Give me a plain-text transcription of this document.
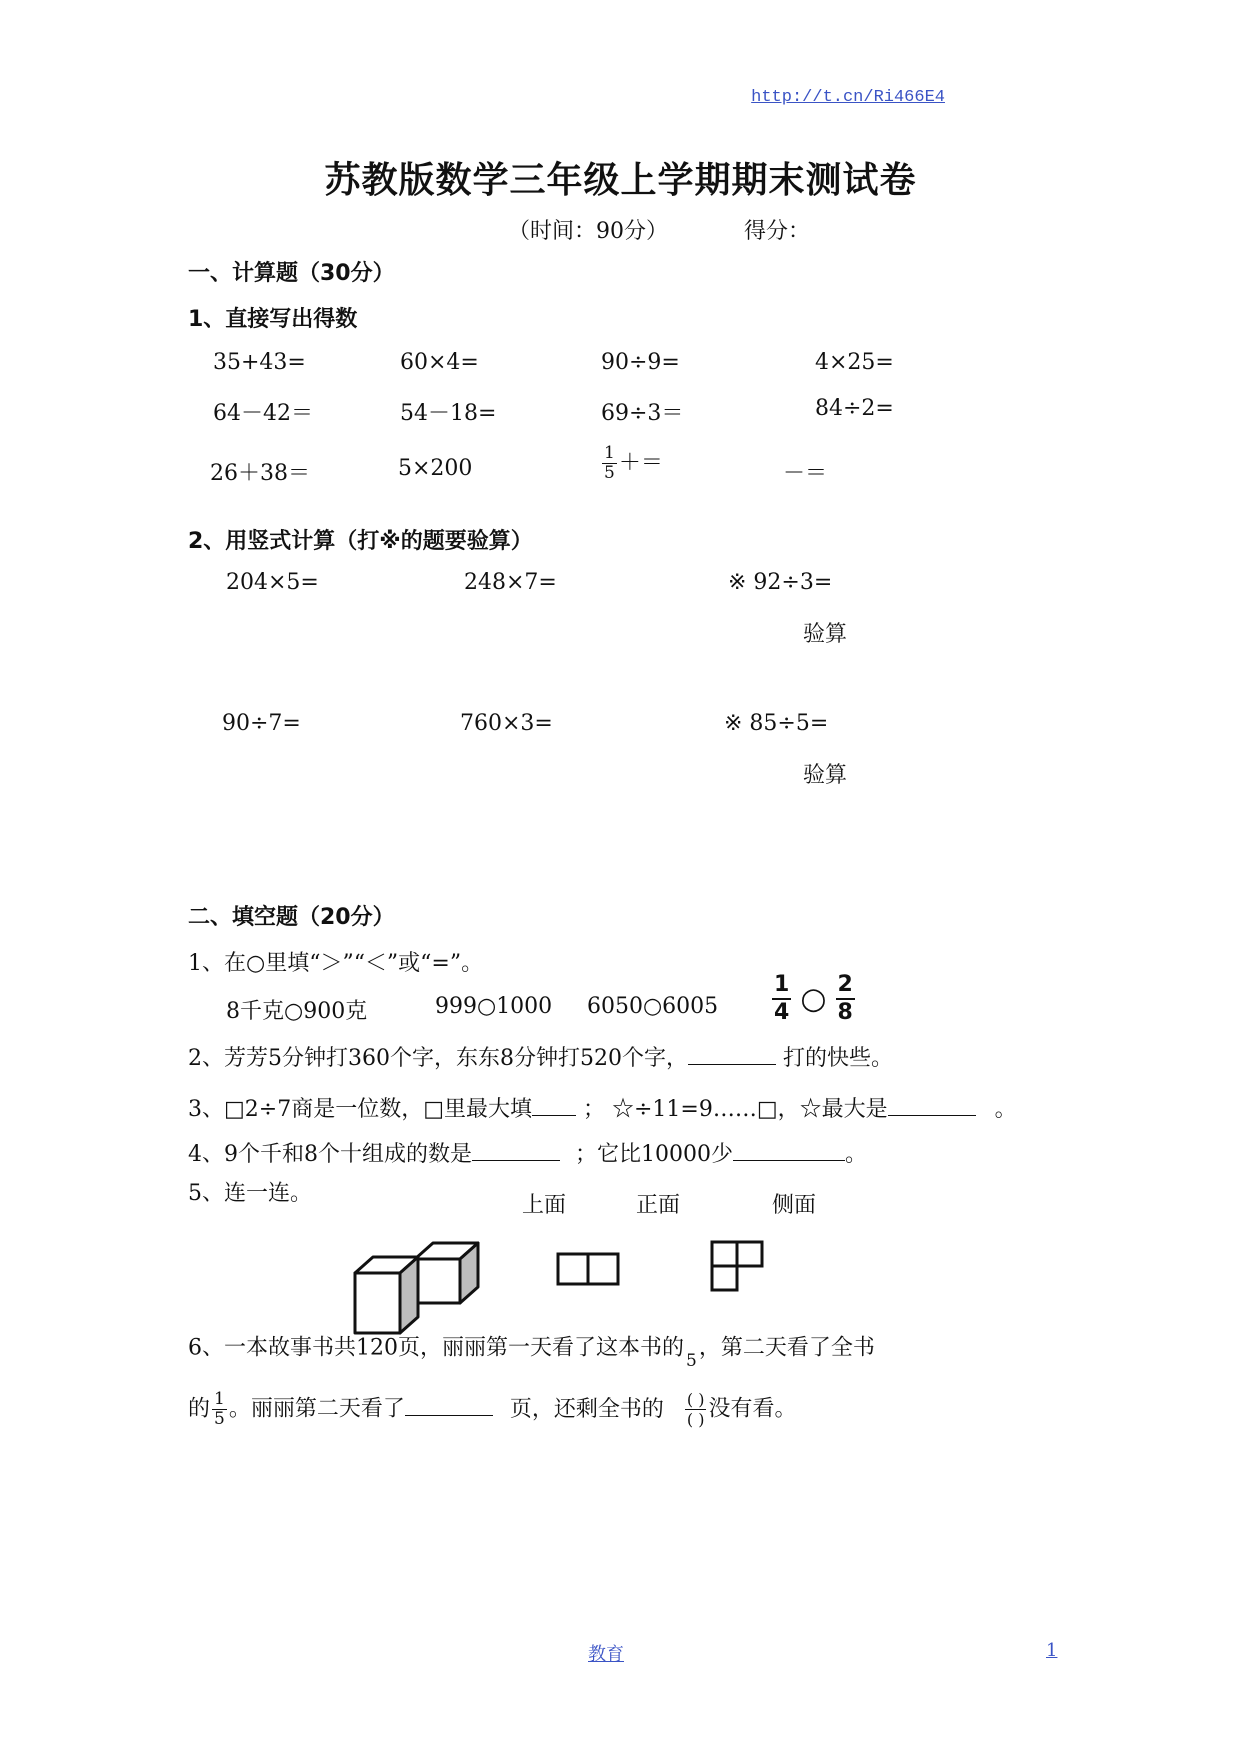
http://t.cn/Ri466E4
苏教版数学三年级上学期期末测试卷
（时间：90分）	得分：
一、计算题（30分）
1、直接写出得数
35+43=	60×4=	90÷9=	4×25=
64－42＝	54－18=	69÷3＝	84÷2=
26＋38＝	5×200	$\frac{1}{5}$ ＋＝	－＝
2、用竖式计算（打※的题要验算）
204×5=	248×7=	※ 92÷3=
验算
90÷7=	760×3=	※ 85÷5=
验算
二、填空题（20分）
1、在○里填“＞”“＜”或“=”。
8千克○900克	999○1000 6050○6005 $\frac{1}{4}$ ○ $\frac{2}{8}$
2、芳芳5分钟打360个字，东东8分钟打520个字，	打的快些。
3、□2÷7商是一位数，□里最大填 ； ☆÷11=9……□，☆最大是	。
4、9个千和8个十组成的数是	；它比10000少	。
5、连一连。	上面	正面	侧面
6、一本故事书共120页，丽丽第一天看了这本书的
5
，第二天看了全书
的 $\frac{1}{5}$ 。丽丽第二天看了	页，还剩全书的 $\frac{( )}{( )}$ 没有看。
教育	1
